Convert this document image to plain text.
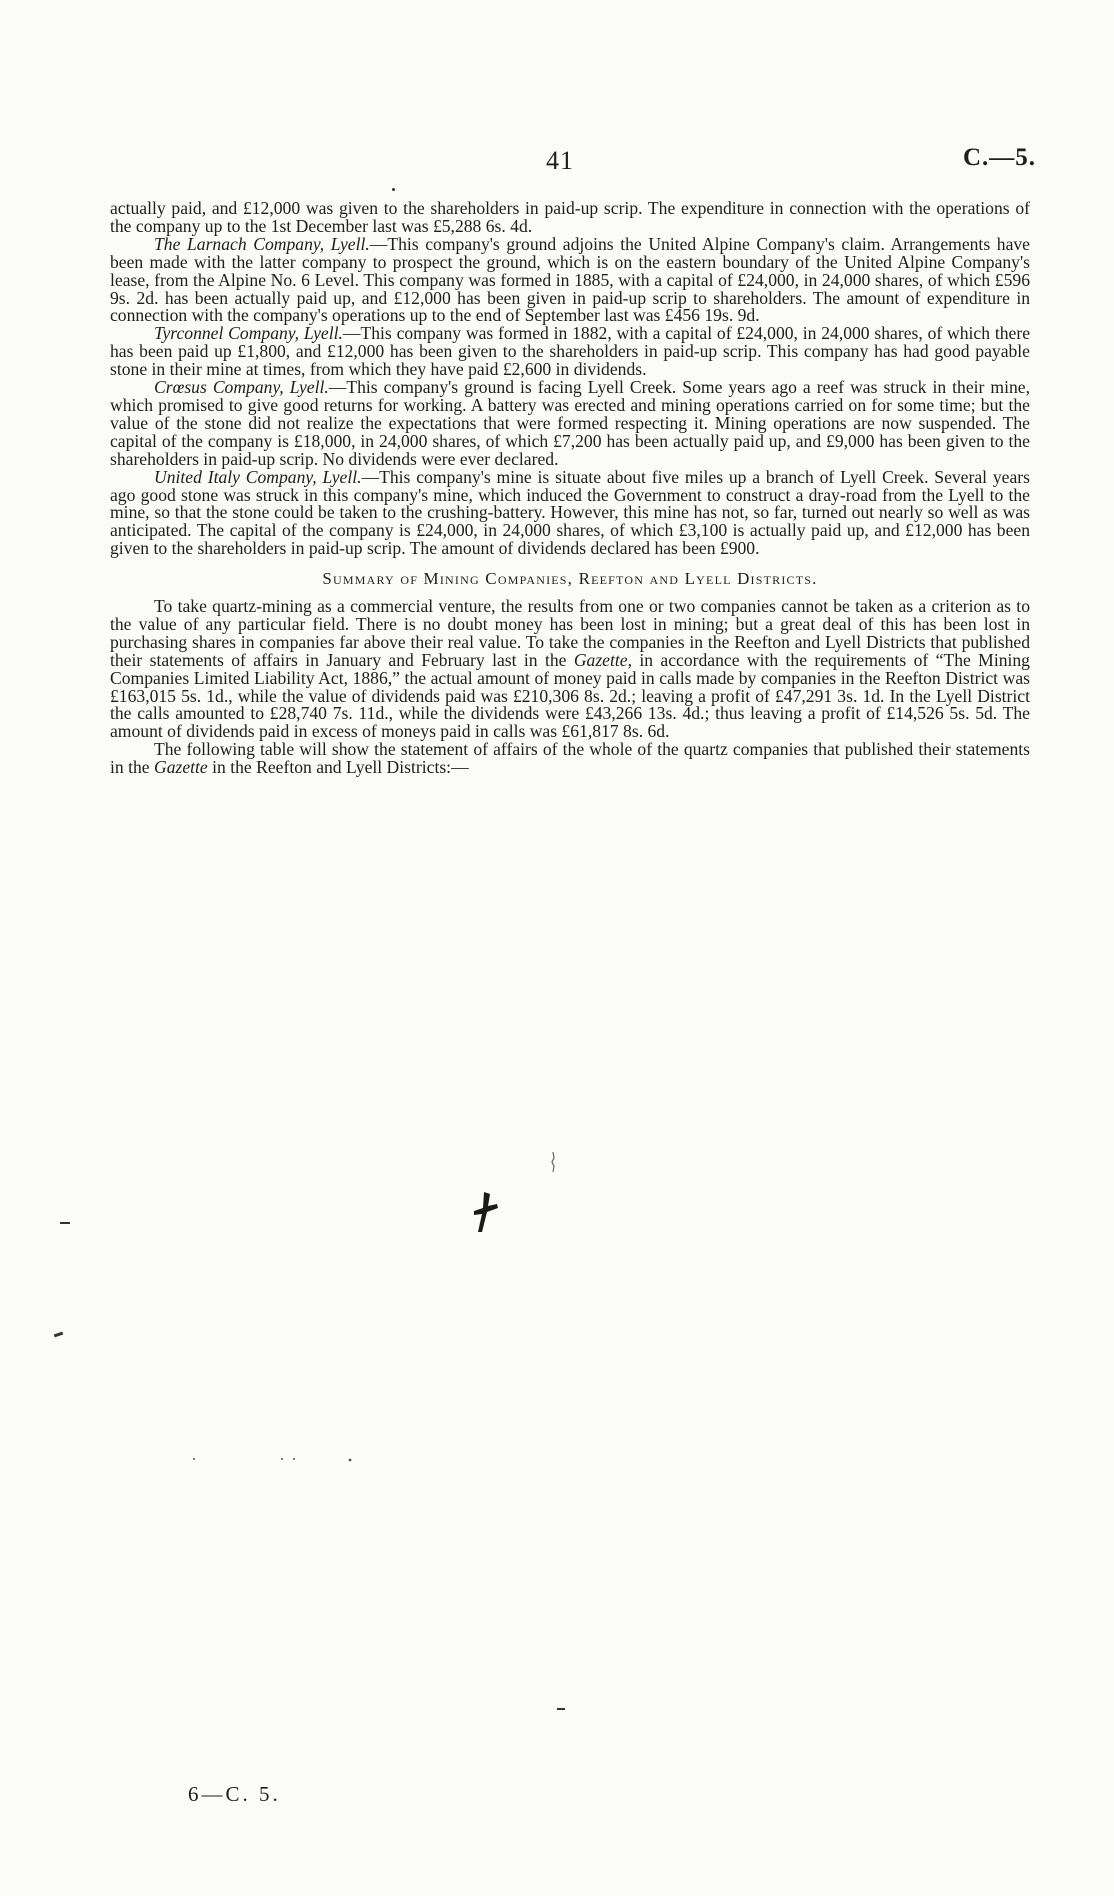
41	C.—5.

actually paid, and £12,000 was given to the shareholders in paid-up scrip. The expenditure in connection with the operations of the company up to the 1st December last was £5,288 6s. 4d.

The Larnach Company, Lyell.—This company's ground adjoins the United Alpine Company's claim. Arrangements have been made with the latter company to prospect the ground, which is on the eastern boundary of the United Alpine Company's lease, from the Alpine No. 6 Level. This company was formed in 1885, with a capital of £24,000, in 24,000 shares, of which £596 9s. 2d. has been actually paid up, and £12,000 has been given in paid-up scrip to shareholders. The amount of expenditure in connection with the company's operations up to the end of September last was £456 19s. 9d.

Tyrconnel Company, Lyell.—This company was formed in 1882, with a capital of £24,000, in 24,000 shares, of which there has been paid up £1,800, and £12,000 has been given to the shareholders in paid-up scrip. This company has had good payable stone in their mine at times, from which they have paid £2,600 in dividends.

Crœsus Company, Lyell.—This company's ground is facing Lyell Creek. Some years ago a reef was struck in their mine, which promised to give good returns for working. A battery was erected and mining operations carried on for some time; but the value of the stone did not realize the expectations that were formed respecting it. Mining operations are now suspended. The capital of the company is £18,000, in 24,000 shares, of which £7,200 has been actually paid up, and £9,000 has been given to the shareholders in paid-up scrip. No dividends were ever declared.

United Italy Company, Lyell.—This company's mine is situate about five miles up a branch of Lyell Creek. Several years ago good stone was struck in this company's mine, which induced the Government to construct a dray-road from the Lyell to the mine, so that the stone could be taken to the crushing-battery. However, this mine has not, so far, turned out nearly so well as was anticipated. The capital of the company is £24,000, in 24,000 shares, of which £3,100 is actually paid up, and £12,000 has been given to the shareholders in paid-up scrip. The amount of dividends declared has been £900.

Summary of Mining Companies, Reefton and Lyell Districts.

To take quartz-mining as a commercial venture, the results from one or two companies cannot be taken as a criterion as to the value of any particular field. There is no doubt money has been lost in mining; but a great deal of this has been lost in purchasing shares in companies far above their real value. To take the companies in the Reefton and Lyell Districts that published their statements of affairs in January and February last in the Gazette, in accordance with the requirements of “The Mining Companies Limited Liability Act, 1886,” the actual amount of money paid in calls made by companies in the Reefton District was £163,015 5s. 1d., while the value of dividends paid was £210,306 8s. 2d.; leaving a profit of £47,291 3s. 1d. In the Lyell District the calls amounted to £28,740 7s. 11d., while the dividends were £43,266 13s. 4d.; thus leaving a profit of £14,526 5s. 5d. The amount of dividends paid in excess of moneys paid in calls was £61,817 8s. 6d.

The following table will show the statement of affairs of the whole of the quartz companies that published their statements in the Gazette in the Reefton and Lyell Districts:—

6—C. 5.
